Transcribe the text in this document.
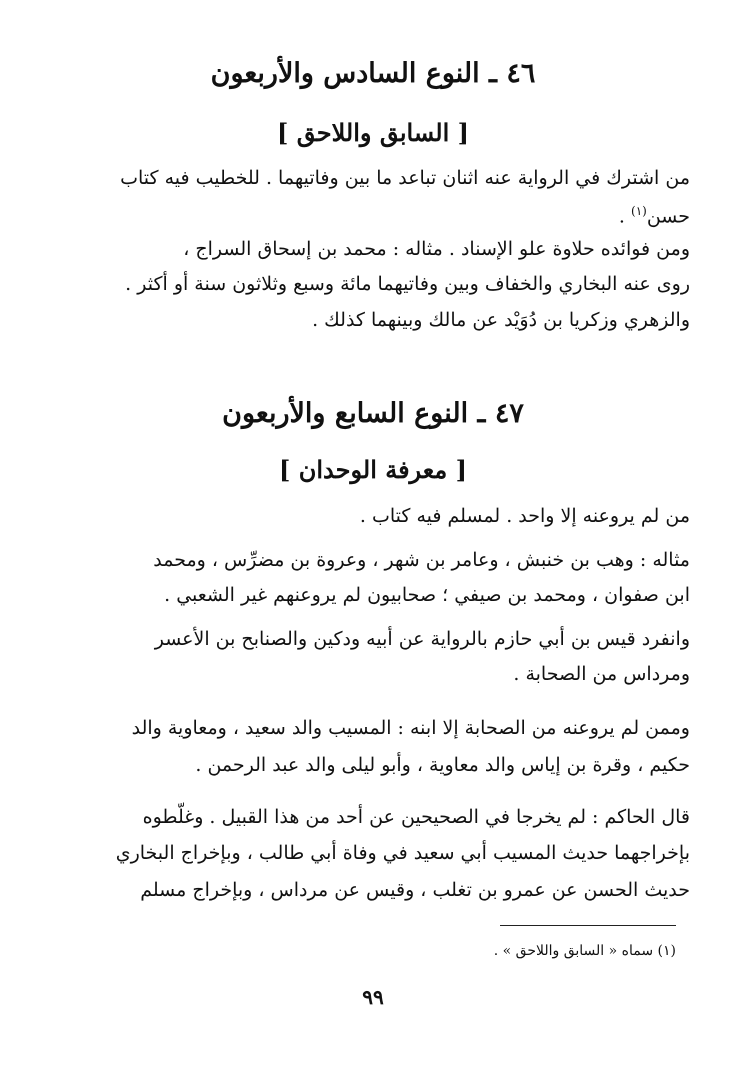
٤٦ ـ النوع السادس والأربعون
[ السابق واللاحق ]
من اشترك في الرواية عنه اثنان تباعد ما بين وفاتيهما . للخطيب فيه كتاب
حسن$^{(١)}$ .
ومن فوائده حلاوة علو الإسناد . مثاله : محمد بن إسحاق السراج ،
روى عنه البخاري والخفاف وبين وفاتيهما مائة وسبع وثلاثون سنة أو أكثر .
والزهري وزكريا بن دُوَيْد عن مالك وبينهما كذلك .
٤٧ ـ النوع السابع والأربعون
[ معرفة الوحدان ]
من لم يروعنه إلا واحد . لمسلم فيه كتاب .
مثاله : وهب بن خنبش ، وعامر بن شهر ، وعروة بن مضرِّس ، ومحمد
ابن صفوان ، ومحمد بن صيفي ؛ صحابيون لم يروعنهم غير الشعبي .
وانفرد قيس بن أبي حازم بالرواية عن أبيه ودكين والصنابح بن الأعسر
ومرداس من الصحابة .
وممن لم يروعنه من الصحابة إلا ابنه : المسيب والد سعيد ، ومعاوية والد
حكيم ، وقرة بن إياس والد معاوية ، وأبو ليلى والد عبد الرحمن .
قال الحاكم : لم يخرجا في الصحيحين عن أحد من هذا القبيل . وغلّطوه
بإخراجهما حديث المسيب أبي سعيد في وفاة أبي طالب ، وبإخراج البخاري
حديث الحسن عن عمرو بن تغلب ، وقيس عن مرداس ، وبإخراج مسلم
(١) سماه « السابق واللاحق » .
٩٩
